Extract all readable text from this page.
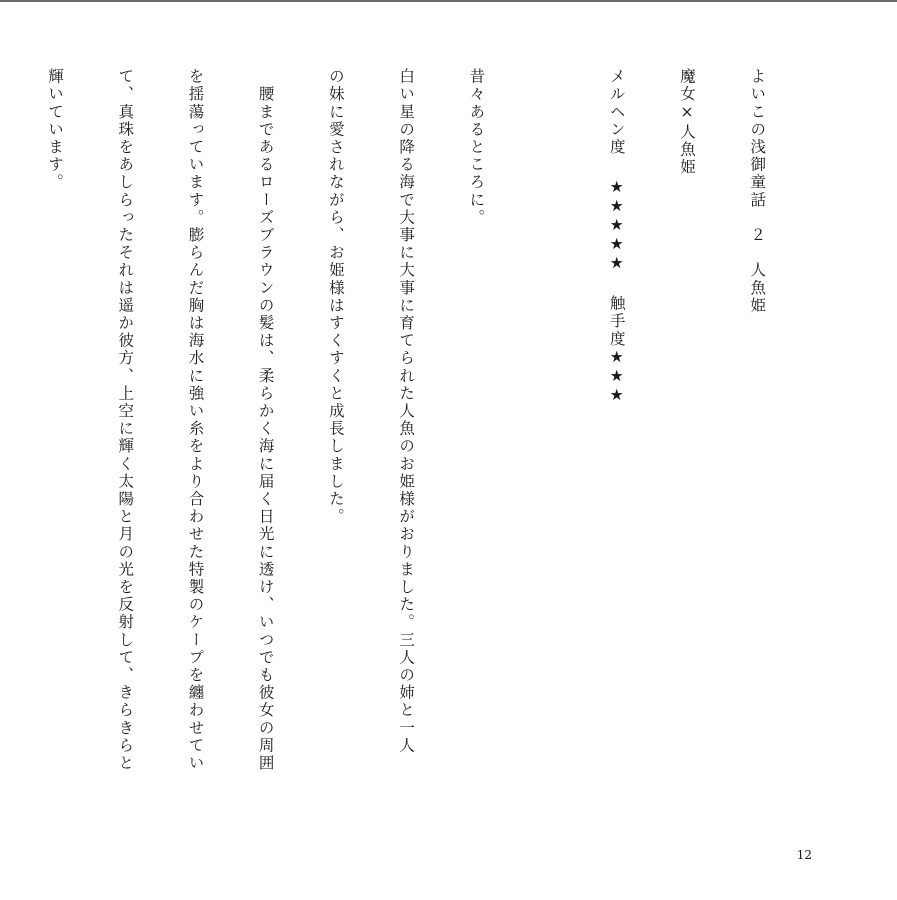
よいこの浅御童話　２　人魚姫

魔女×人魚姫

メルヘン度★★★★★触手度★★★

昔々あるところに。

白い星の降る海で大事に大事に育てられた人魚のお姫様がおりました。三人の姉と一人

の妹に愛されながら、お姫様はすくすくと成長しました。

　腰まであるローズブラウンの髪は、柔らかく海に届く日光に透け、いつでも彼女の周囲

を揺蕩っています。膨らんだ胸は海水に強い糸をより合わせた特製のケープを纏わせてい

て、真珠をあしらったそれは遥か彼方、上空に輝く太陽と月の光を反射して、きらきらと

輝いています。

12
